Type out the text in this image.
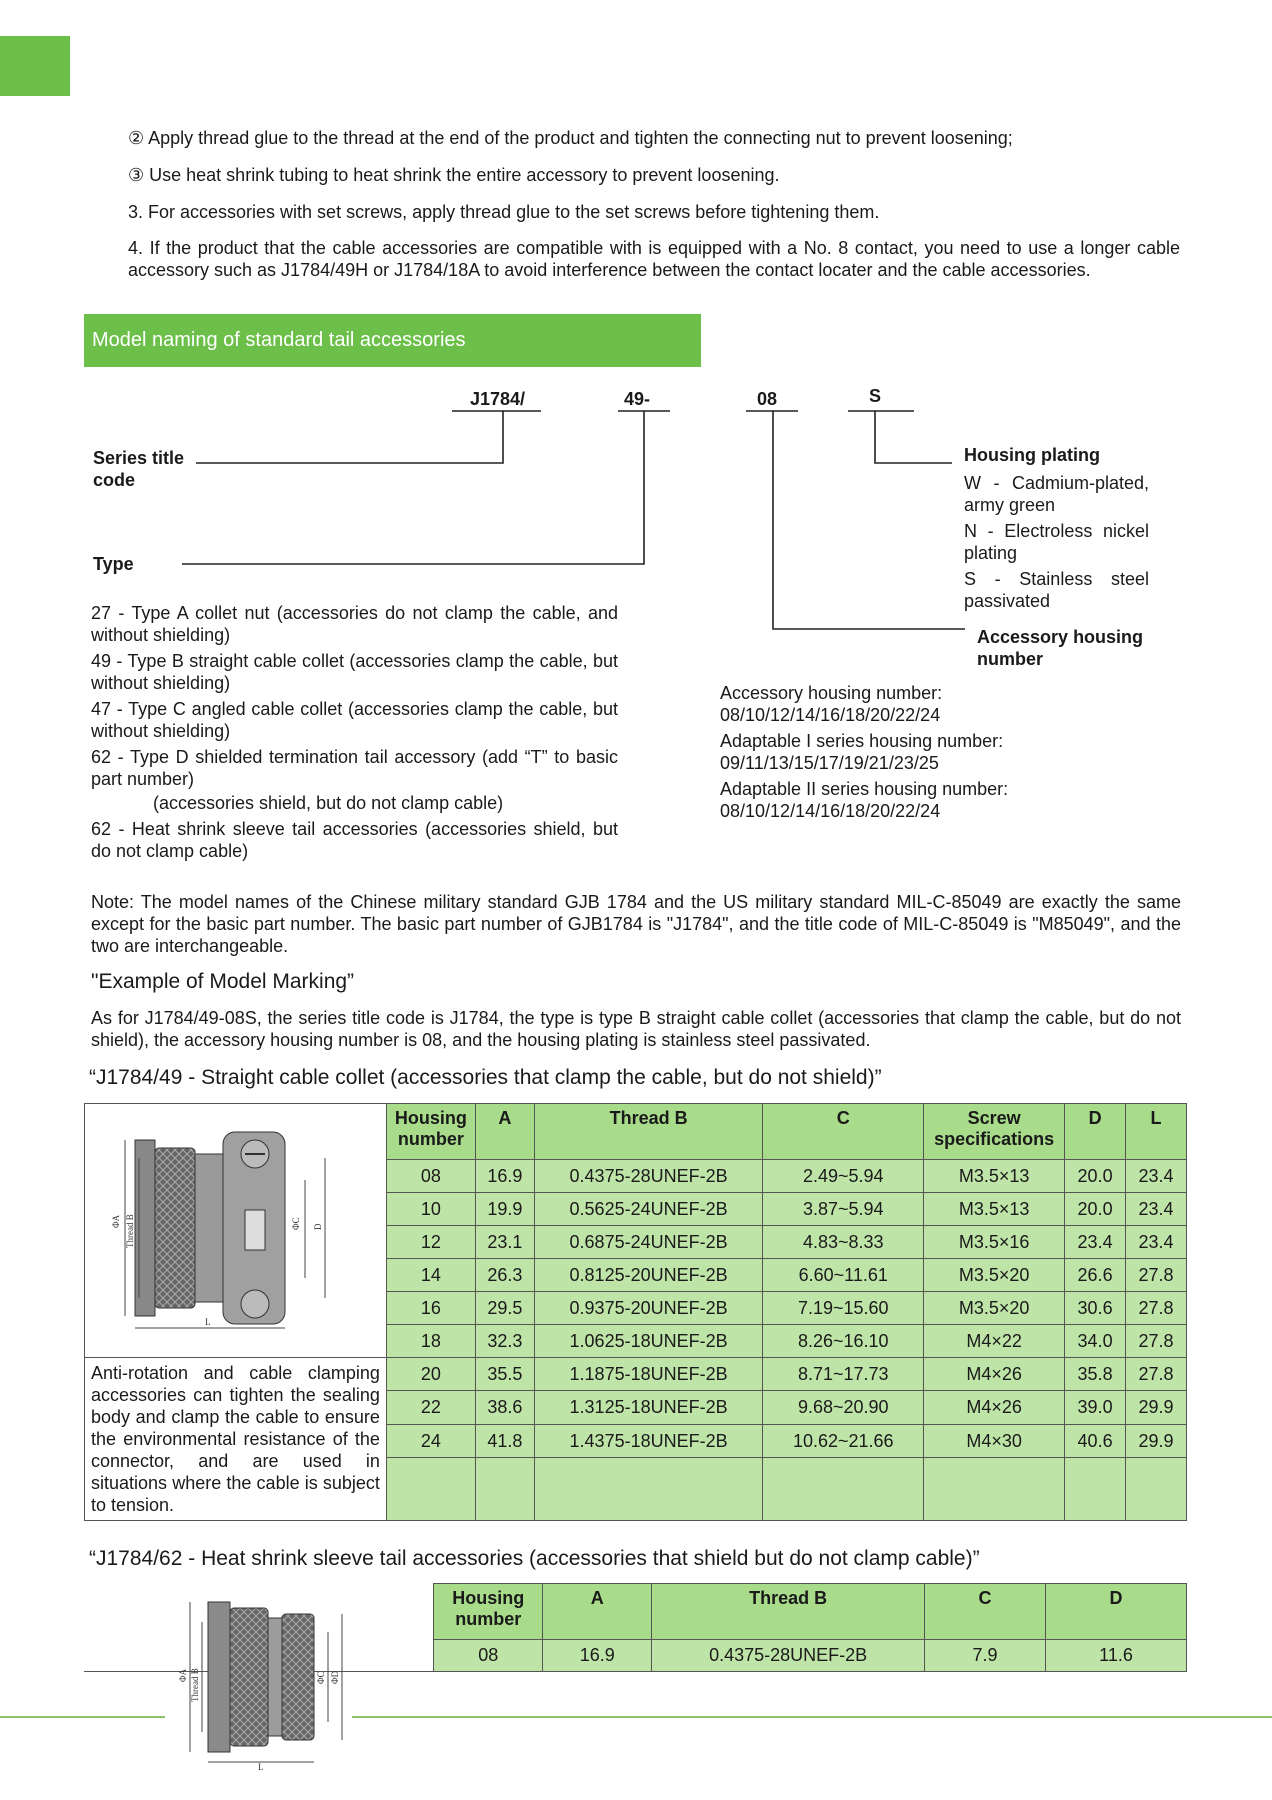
② Apply thread glue to the thread at the end of the product and tighten the connecting nut to prevent loosening;
③ Use heat shrink tubing to heat shrink the entire accessory to prevent loosening.
3. For accessories with set screws, apply thread glue to the set screws before tightening them.
4. If the product that the cable accessories are compatible with is equipped with a No. 8 contact, you need to use a longer cable accessory such as J1784/49H or J1784/18A to avoid interference between the contact locater and the cable accessories.
Model naming of standard tail accessories
J1784/	49-	08	S
Series title code
Type
Housing plating
W - Cadmium-plated, army green
N - Electroless nickel plating
S - Stainless steel passivated
Accessory housing number
27 - Type A collet nut (accessories do not clamp the cable, and without shielding)
49 - Type B straight cable collet (accessories clamp the cable, but without shielding)
47 - Type C angled cable collet (accessories clamp the cable, but without shielding)
62 - Type D shielded termination tail accessory (add “T” to basic part number)
(accessories shield, but do not clamp cable)
62 - Heat shrink sleeve tail accessories (accessories shield, but do not clamp cable)
Accessory housing number:
08/10/12/14/16/18/20/22/24
Adaptable I series housing number:
09/11/13/15/17/19/21/23/25
Adaptable II series housing number:
08/10/12/14/16/18/20/22/24
Note: The model names of the Chinese military standard GJB 1784 and the US military standard MIL-C-85049 are exactly the same except for the basic part number. The basic part number of GJB1784 is "J1784", and the title code of MIL-C-85049 is "M85049", and the two are interchangeable.
"Example of Model Marking”
As for J1784/49-08S, the series title code is J1784, the type is type B straight cable collet (accessories that clamp the cable, but do not shield), the accessory housing number is 08, and the housing plating is stainless steel passivated.
“J1784/49 - Straight cable collet (accessories that clamp the cable, but do not shield)”
ΦA Thread B ΦC D
L	Housing number	A	Thread B	C	Screw specifications	D	L
	08	16.9	0.4375-28UNEF-2B	2.49~5.94	M3.5×13	20.0	23.4
	10	19.9	0.5625-24UNEF-2B	3.87~5.94	M3.5×13	20.0	23.4
	12	23.1	0.6875-24UNEF-2B	4.83~8.33	M3.5×16	23.4	23.4
	14	26.3	0.8125-20UNEF-2B	6.60~11.61	M3.5×20	26.6	27.8
	16	29.5	0.9375-20UNEF-2B	7.19~15.60	M3.5×20	30.6	27.8
	18	32.3	1.0625-18UNEF-2B	8.26~16.10	M4×22	34.0	27.8
Anti-rotation and cable clamping accessories can tighten the sealing body and clamp the cable to ensure the environmental resistance of the connector, and are used in situations where the cable is subject to tension.	20	35.5	1.1875-18UNEF-2B	8.71~17.73	M4×26	35.8	27.8
	22	38.6	1.3125-18UNEF-2B	9.68~20.90	M4×26	39.0	29.9
	24	41.8	1.4375-18UNEF-2B	10.62~21.66	M4×30	40.6	29.9

“J1784/62 - Heat shrink sleeve tail accessories (accessories that shield but do not clamp cable)”
	Housing number	A	Thread B	C	D
	08	16.9	0.4375-28UNEF-2B	7.9	11.6
ΦA Thread B	ΦC ΦD
L
